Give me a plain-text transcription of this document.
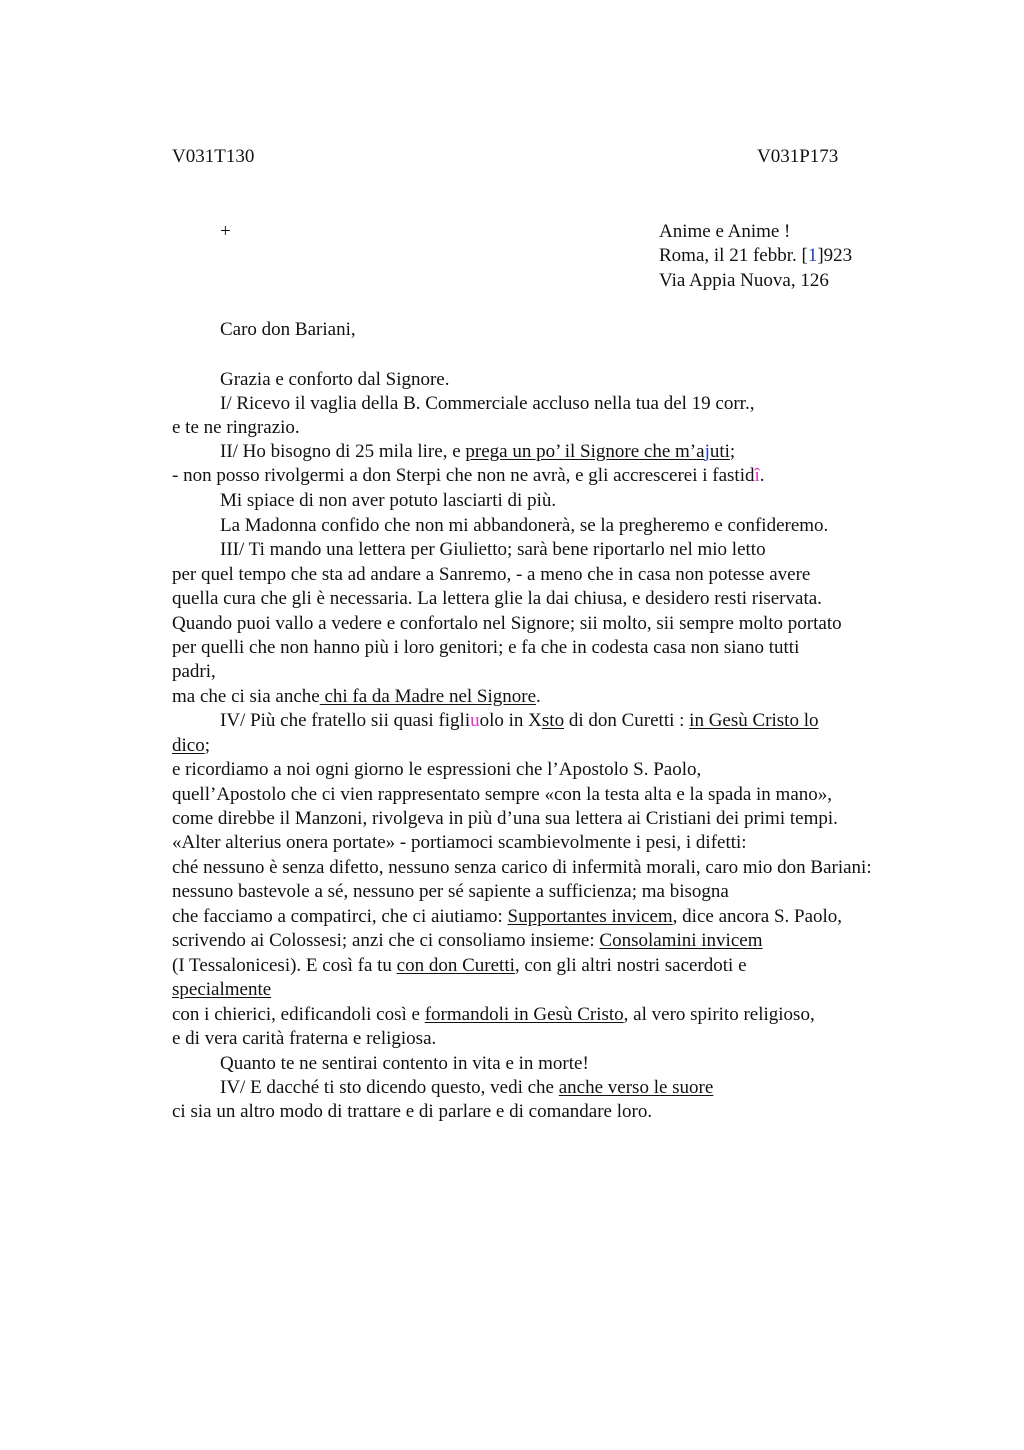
V031T130	V031P173
+	Anime e Anime !
Roma, il 21 febbr. [1]923
Via Appia Nuova, 126
Caro don Bariani,
Grazia e conforto dal Signore.
I/ Ricevo il vaglia della B. Commerciale accluso nella tua del 19 corr.,
e te ne ringrazio.
II/ Ho bisogno di 25 mila lire, e prega un po’ il Signore che m’ajuti;
- non posso rivolgermi a don Sterpi che non ne avrà, e gli accrescerei i fastidî.
Mi spiace di non aver potuto lasciarti di più.
La Madonna confido che non mi abbandonerà, se la pregheremo e confideremo.
III/ Ti mando una lettera per Giulietto; sarà bene riportarlo nel mio letto
per quel tempo che sta ad andare a Sanremo, - a meno che in casa non potesse avere
quella cura che gli è necessaria. La lettera glie la dai chiusa, e desidero resti riservata.
Quando puoi vallo a vedere e confortalo nel Signore; sii molto, sii sempre molto portato
per quelli che non hanno più i loro genitori; e fa che in codesta casa non siano tutti
padri,
ma che ci sia anche chi fa da Madre nel Signore.
IV/ Più che fratello sii quasi figliuolo in Xsto di don Curetti : in Gesù Cristo lo
dico;
e ricordiamo a noi ogni giorno le espressioni che l’Apostolo S. Paolo,
quell’Apostolo che ci vien rappresentato sempre «con la testa alta e la spada in mano»,
come direbbe il Manzoni, rivolgeva in più d’una sua lettera ai Cristiani dei primi tempi.
«Alter alterius onera portate» - portiamoci scambievolmente i pesi, i difetti:
ché nessuno è senza difetto, nessuno senza carico di infermità morali, caro mio don Bariani:
nessuno bastevole a sé, nessuno per sé sapiente a sufficienza; ma bisogna
che facciamo a compatirci, che ci aiutiamo: Supportantes invicem, dice ancora S. Paolo,
scrivendo ai Colossesi; anzi che ci consoliamo insieme: Consolamini invicem
(I Tessalonicesi). E così fa tu con don Curetti, con gli altri nostri sacerdoti e
specialmente
con i chierici, edificandoli così e formandoli in Gesù Cristo, al vero spirito religioso,
e di vera carità fraterna e religiosa.
Quanto te ne sentirai contento in vita e in morte!
IV/ E dacché ti sto dicendo questo, vedi che anche verso le suore
ci sia un altro modo di trattare e di parlare e di comandare loro.
